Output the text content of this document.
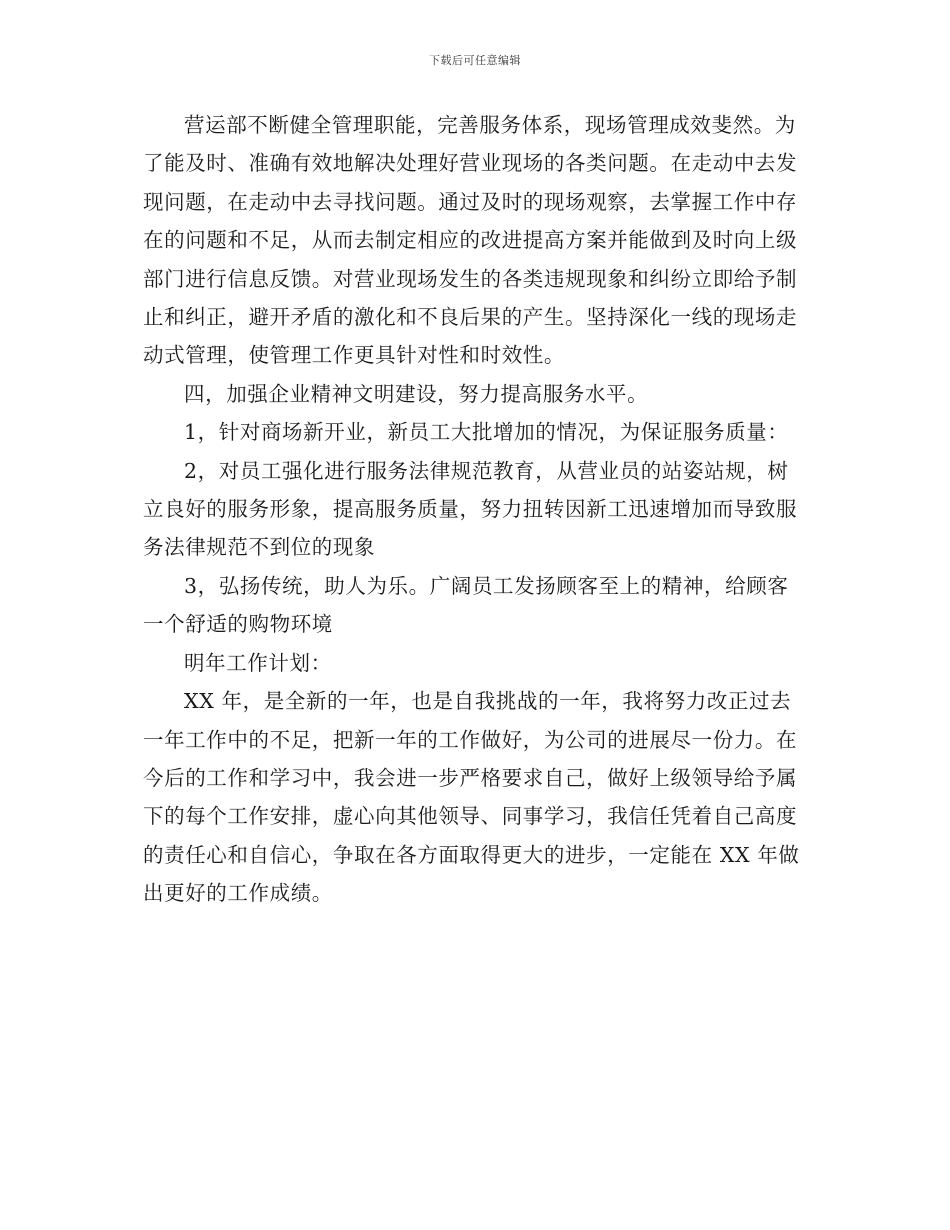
下载后可任意编辑

营运部不断健全管理职能，完善服务体系，现场管理成效斐然。为了能及时、准确有效地解决处理好营业现场的各类问题。在走动中去发现问题，在走动中去寻找问题。通过及时的现场观察，去掌握工作中存在的问题和不足，从而去制定相应的改进提高方案并能做到及时向上级部门进行信息反馈。对营业现场发生的各类违规现象和纠纷立即给予制止和纠正，避开矛盾的激化和不良后果的产生。坚持深化一线的现场走动式管理，使管理工作更具针对性和时效性。

四，加强企业精神文明建设，努力提高服务水平。

1，针对商场新开业，新员工大批增加的情况，为保证服务质量：

2，对员工强化进行服务法律规范教育，从营业员的站姿站规，树立良好的服务形象，提高服务质量，努力扭转因新工迅速增加而导致服务法律规范不到位的现象

3，弘扬传统，助人为乐。广阔员工发扬顾客至上的精神，给顾客一个舒适的购物环境

明年工作计划：

XX 年，是全新的一年，也是自我挑战的一年，我将努力改正过去一年工作中的不足，把新一年的工作做好，为公司的进展尽一份力。在今后的工作和学习中，我会进一步严格要求自己，做好上级领导给予属下的每个工作安排，虚心向其他领导、同事学习，我信任凭着自己高度的责任心和自信心，争取在各方面取得更大的进步，一定能在 XX 年做出更好的工作成绩。
